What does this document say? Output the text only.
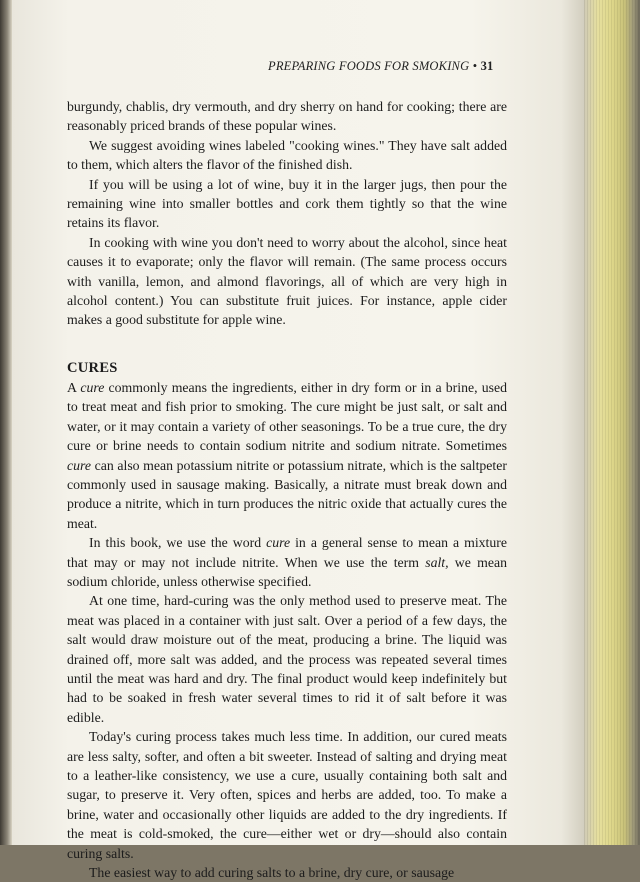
PREPARING FOODS FOR SMOKING • 31

burgundy, chablis, dry vermouth, and dry sherry on hand for cooking; there are reasonably priced brands of these popular wines.

We suggest avoiding wines labeled "cooking wines." They have salt added to them, which alters the flavor of the finished dish.

If you will be using a lot of wine, buy it in the larger jugs, then pour the remaining wine into smaller bottles and cork them tightly so that the wine retains its flavor.

In cooking with wine you don't need to worry about the alcohol, since heat causes it to evaporate; only the flavor will remain. (The same process occurs with vanilla, lemon, and almond flavorings, all of which are very high in alcohol content.) You can substitute fruit juices. For instance, apple cider makes a good substitute for apple wine.

CURES

A cure commonly means the ingredients, either in dry form or in a brine, used to treat meat and fish prior to smoking. The cure might be just salt, or salt and water, or it may contain a variety of other seasonings. To be a true cure, the dry cure or brine needs to contain sodium nitrite and sodium nitrate. Sometimes cure can also mean potassium nitrite or potassium nitrate, which is the saltpeter commonly used in sausage making. Basically, a nitrate must break down and produce a nitrite, which in turn produces the nitric oxide that actually cures the meat.

In this book, we use the word cure in a general sense to mean a mixture that may or may not include nitrite. When we use the term salt, we mean sodium chloride, unless otherwise specified.

At one time, hard-curing was the only method used to preserve meat. The meat was placed in a container with just salt. Over a period of a few days, the salt would draw moisture out of the meat, producing a brine. The liquid was drained off, more salt was added, and the process was repeated several times until the meat was hard and dry. The final product would keep indefinitely but had to be soaked in fresh water several times to rid it of salt before it was edible.

Today's curing process takes much less time. In addition, our cured meats are less salty, softer, and often a bit sweeter. Instead of salting and drying meat to a leather-like consistency, we use a cure, usually containing both salt and sugar, to preserve it. Very often, spices and herbs are added, too. To make a brine, water and occasionally other liquids are added to the dry ingredients. If the meat is cold-smoked, the cure—either wet or dry—should also contain curing salts.

The easiest way to add curing salts to a brine, dry cure, or sausage
